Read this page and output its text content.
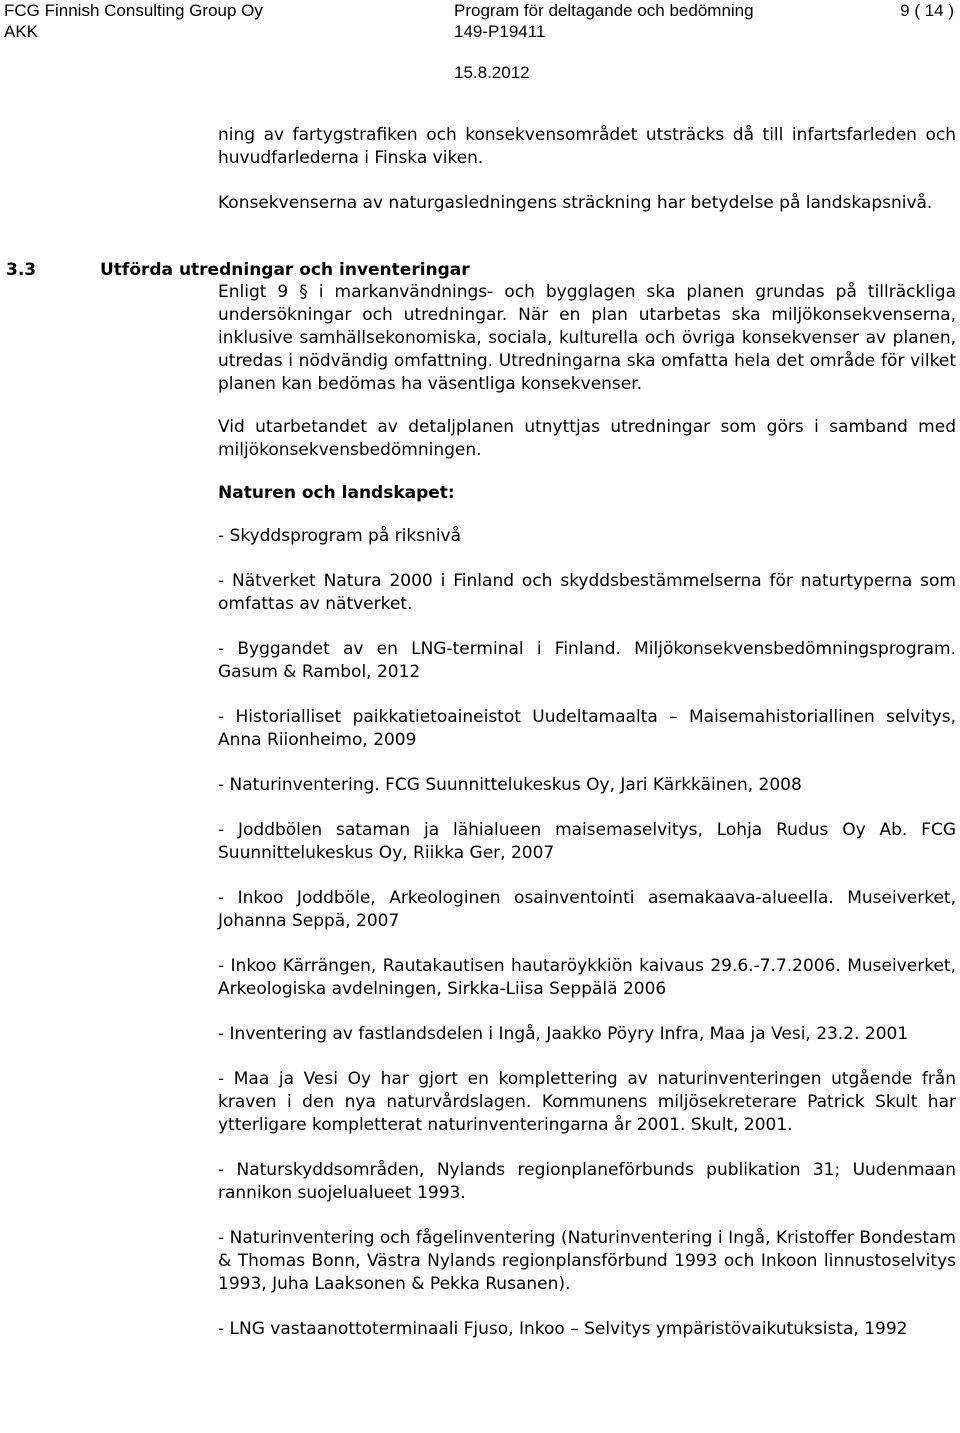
FCG Finnish Consulting Group Oy
AKK
Program för deltagande och bedömning
149-P19411
15.8.2012
9 ( 14 )
3.3	Utförda utredningar och inventeringar

ning av fartygstrafiken och konsekvensområdet utsträcks då till infartsfarleden och huvudfarlederna i Finska viken.

Konsekvenserna av naturgasledningens sträckning har betydelse på landskapsnivå.

Enligt 9 § i markanvändnings- och bygglagen ska planen grundas på tillräckliga undersökningar och utredningar. När en plan utarbetas ska miljökonsekvenserna, inklusive samhällsekonomiska, sociala, kulturella och övriga konsekvenser av planen, utredas i nödvändig omfattning. Utredningarna ska omfatta hela det område för vilket planen kan bedömas ha väsentliga konsekvenser.

Vid utarbetandet av detaljplanen utnyttjas utredningar som görs i samband med miljökonsekvensbedömningen.

Naturen och landskapet:

- Skyddsprogram på riksnivå

- Nätverket Natura 2000 i Finland och skyddsbestämmelserna för naturtyperna som omfattas av nätverket.

- Byggandet av en LNG-terminal i Finland. Miljökonsekvensbedömningsprogram. Gasum & Rambol, 2012

- Historialliset paikkatietoaineistot Uudeltamaalta – Maisemahistoriallinen selvitys, Anna Riionheimo, 2009

- Naturinventering. FCG Suunnittelukeskus Oy, Jari Kärkkäinen, 2008

- Joddbölen sataman ja lähialueen maisemaselvitys, Lohja Rudus Oy Ab. FCG Suunnittelukeskus Oy, Riikka Ger, 2007

- Inkoo Joddböle, Arkeologinen osainventointi asemakaava-alueella. Museiverket, Johanna Seppä, 2007

- Inkoo Kärrängen, Rautakautisen hautaröykkiön kaivaus 29.6.-7.7.2006. Museiverket, Arkeologiska avdelningen, Sirkka-Liisa Seppälä 2006

- Inventering av fastlandsdelen i Ingå, Jaakko Pöyry Infra, Maa ja Vesi, 23.2. 2001

- Maa ja Vesi Oy har gjort en komplettering av naturinventeringen utgående från kraven i den nya naturvårdslagen. Kommunens miljösekreterare Patrick Skult har ytterligare kompletterat naturinventeringarna år 2001. Skult, 2001.

- Naturskyddsområden, Nylands regionplaneförbunds publikation 31; Uudenmaan rannikon suojelualueet 1993.

- Naturinventering och fågelinventering (Naturinventering i Ingå, Kristoffer Bondestam & Thomas Bonn, Västra Nylands regionplansförbund 1993 och Inkoon linnustoselvitys 1993, Juha Laaksonen & Pekka Rusanen).

- LNG vastaanottoterminaali Fjuso, Inkoo – Selvitys ympäristövaikutuksista, 1992
